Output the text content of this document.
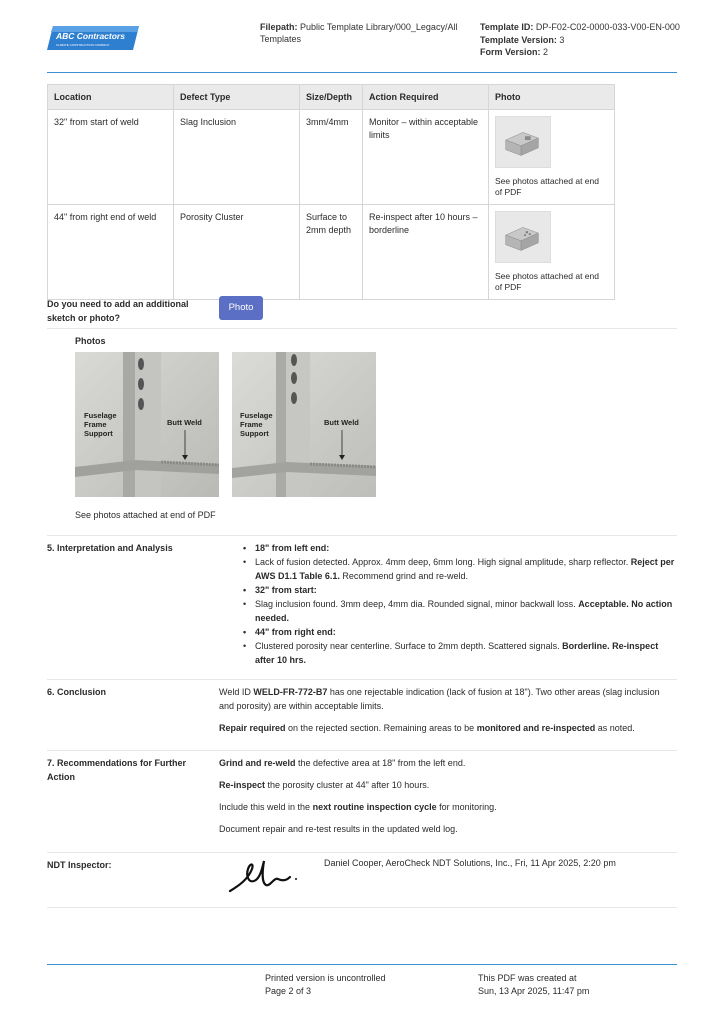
ABC Contractors
CLIMATE CONSTRUCTION COMPANY
Filepath: Public Template Library/000_Legacy/All Templates
Template ID: DP-F02-C02-0000-033-V00-EN-000
Template Version: 3
Form Version: 2
Location	Defect Type	Size/Depth	Action Required	Photo
32" from start of weld	Slag Inclusion	3mm/4mm	Monitor – within acceptable limits	See photos attached at end of PDF

44" from right end of weld	Porosity Cluster	Surface to 2mm depth	Re-inspect after 10 hours – borderline	See photos attached at end of PDF
Do you need to add an additional sketch or photo?
Photo
Photos
Fuselage
Frame
Support
Butt Weld
Fuselage
Frame
Support
Butt Weld
See photos attached at end of PDF
5. Interpretation and Analysis	• 18" from left end:
• Lack of fusion detected. Approx. 4mm deep, 6mm long. High signal amplitude, sharp reflector. Reject per AWS D1.1 Table 6.1. Recommend grind and re-weld.
• 32" from start:
• Slag inclusion found. 3mm deep, 4mm dia. Rounded signal, minor backwall loss. Acceptable. No action needed.
• 44" from right end:
• Clustered porosity near centerline. Surface to 2mm depth. Scattered signals. Borderline. Re-inspect after 10 hrs.
6. Conclusion	Weld ID WELD-FR-772-B7 has one rejectable indication (lack of fusion at 18"). Two other areas (slag inclusion and porosity) are within acceptable limits.

Repair required on the rejected section. Remaining areas to be monitored and re-inspected as noted.

7. Recommendations for Further Action

Grind and re-weld the defective area at 18" from the left end.

Re-inspect the porosity cluster at 44" after 10 hours.

Include this weld in the next routine inspection cycle for monitoring.

Document repair and re-test results in the updated weld log.

NDT Inspector:	Daniel Cooper, AeroCheck NDT Solutions, Inc., Fri, 11 Apr 2025, 2:20 pm
Printed version is uncontrolled
Page 2 of 3
This PDF was created at
Sun, 13 Apr 2025, 11:47 pm
